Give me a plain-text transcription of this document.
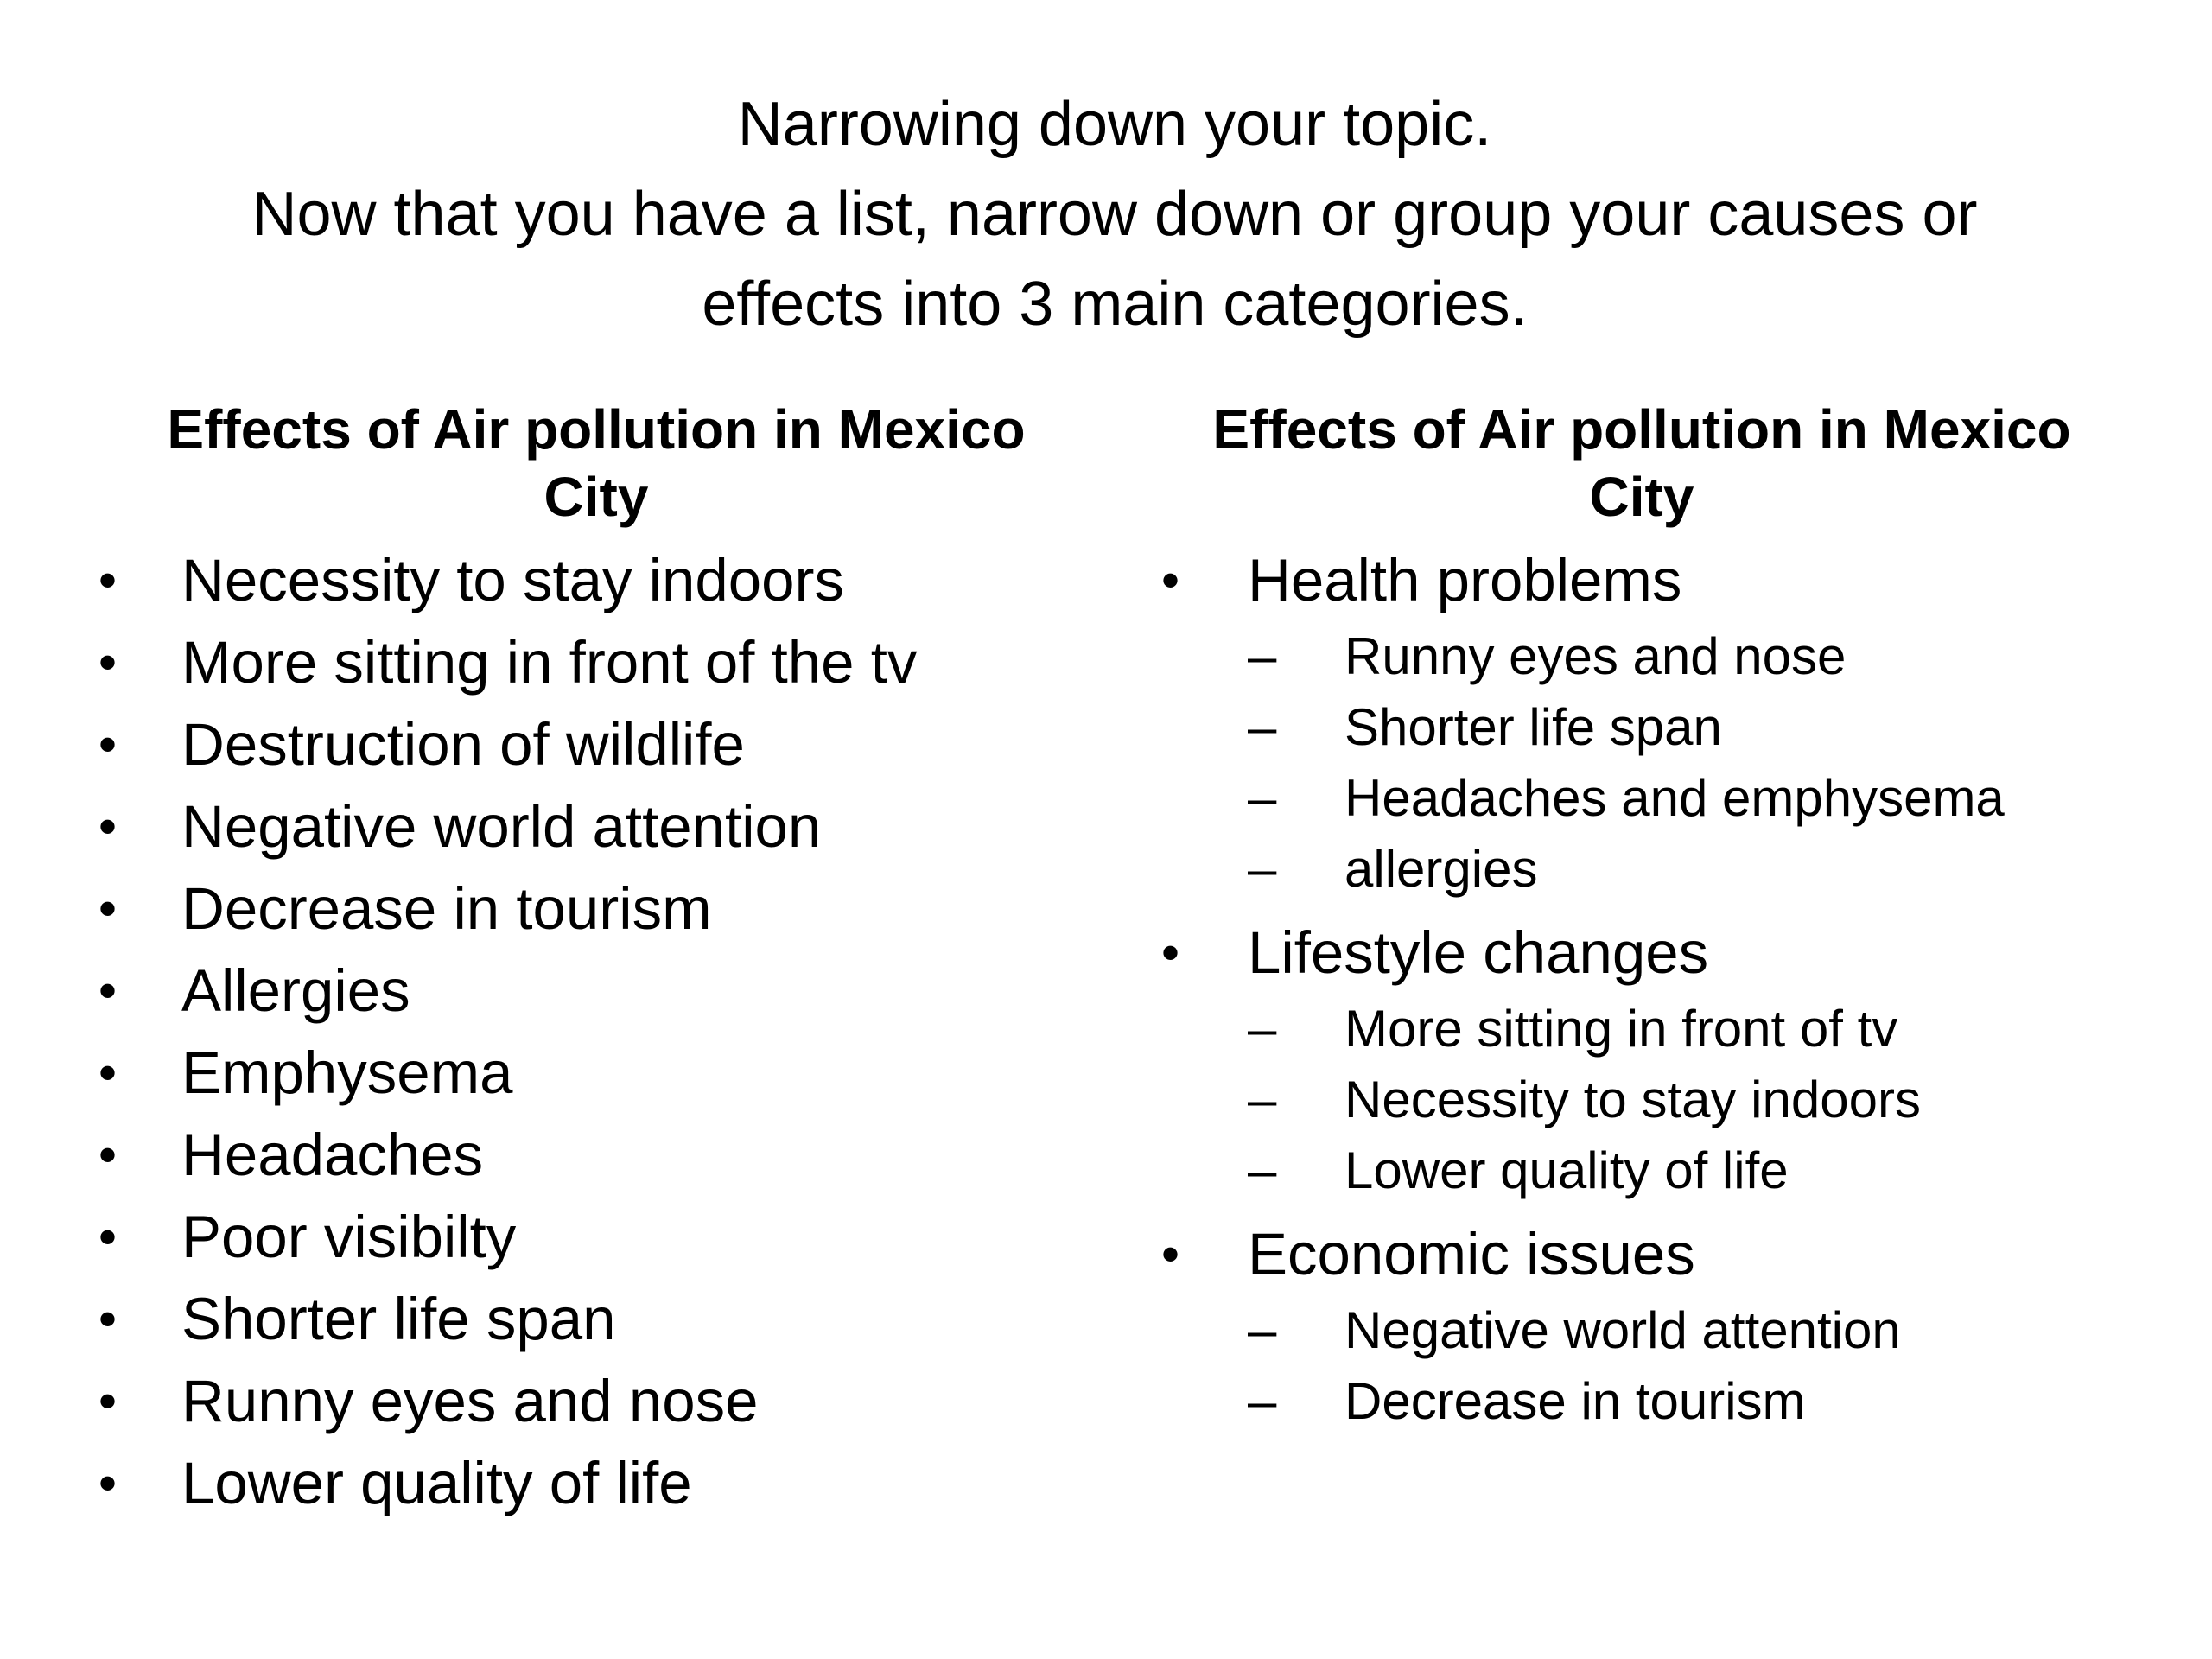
Narrowing down your topic.
Now that you have a list, narrow down or group your causes or
effects into 3 main categories.
Effects of Air pollution in Mexico City
Effects of Air pollution in Mexico City
• Necessity to stay indoors
• More sitting in front of the tv
• Destruction of wildlife
• Negative world attention
• Decrease in tourism
• Allergies
• Emphysema
• Headaches
• Poor visibilty
• Shorter life span
• Runny eyes and nose
• Lower quality of life
• Health problems
– Runny eyes and nose
– Shorter life span
– Headaches and emphysema
– allergies
• Lifestyle changes
– More sitting in front of tv
– Necessity to stay indoors
– Lower quality of life
• Economic issues
– Negative world attention
– Decrease in tourism
